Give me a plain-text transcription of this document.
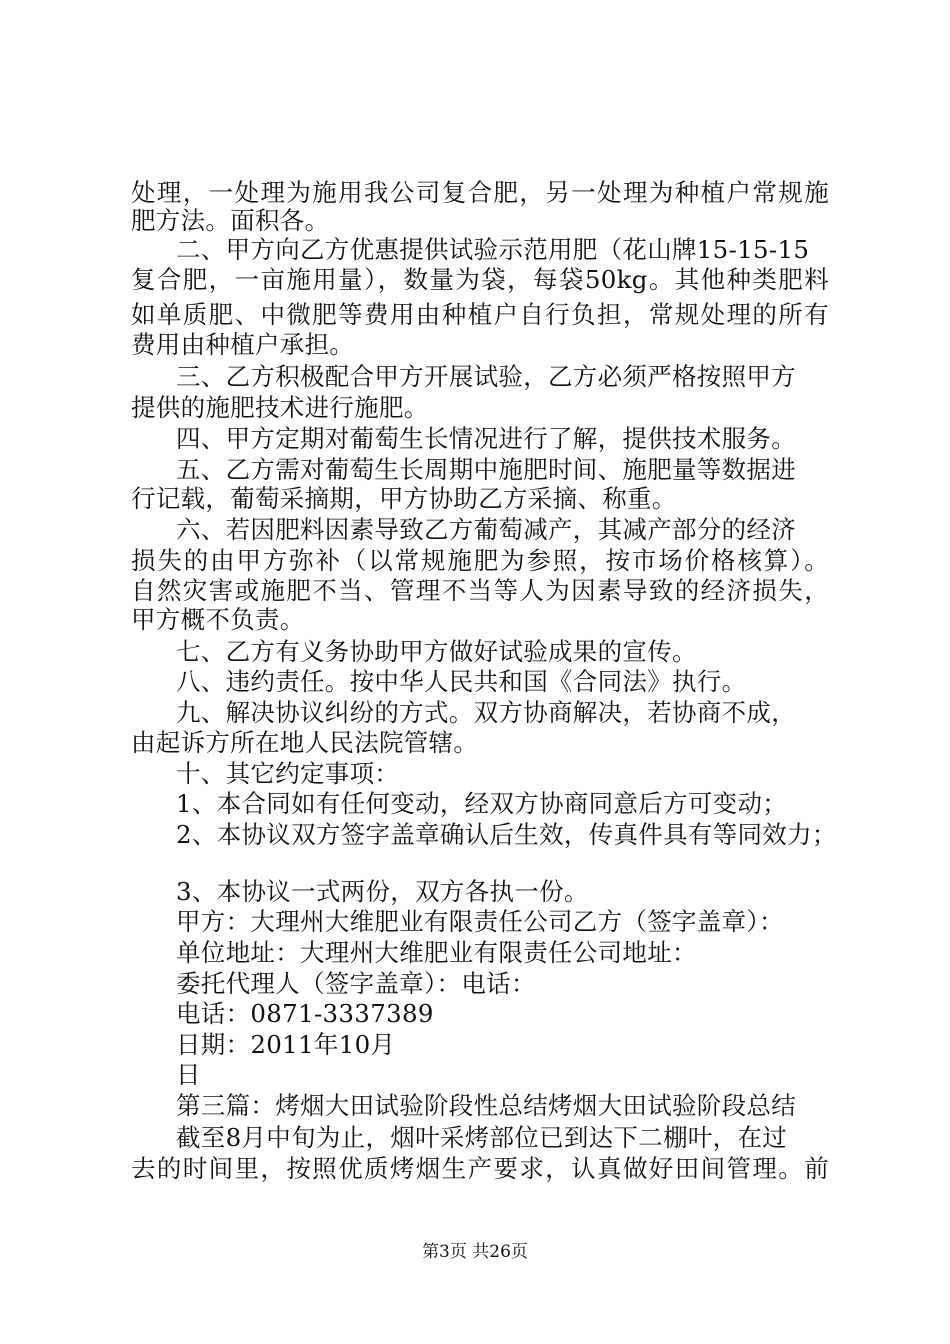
处理，一处理为施用我公司复合肥，另一处理为种植户常规施
肥方法。面积各。
二、甲方向乙方优惠提供试验示范用肥（花山牌15-15-15
复合肥，一亩施用量），数量为袋，每袋50kg。其他种类肥料
如单质肥、中微肥等费用由种植户自行负担，常规处理的所有
费用由种植户承担。
三、乙方积极配合甲方开展试验，乙方必须严格按照甲方
提供的施肥技术进行施肥。
四、甲方定期对葡萄生长情况进行了解，提供技术服务。
五、乙方需对葡萄生长周期中施肥时间、施肥量等数据进
行记载，葡萄采摘期，甲方协助乙方采摘、称重。
六、若因肥料因素导致乙方葡萄减产，其减产部分的经济
损失的由甲方弥补（以常规施肥为参照，按市场价格核算）。
自然灾害或施肥不当、管理不当等人为因素导致的经济损失，
甲方概不负责。
七、乙方有义务协助甲方做好试验成果的宣传。
八、违约责任。按中华人民共和国《合同法》执行。
九、解决协议纠纷的方式。双方协商解决，若协商不成，
由起诉方所在地人民法院管辖。
十、其它约定事项：
1、本合同如有任何变动，经双方协商同意后方可变动；
2、本协议双方签字盖章确认后生效，传真件具有等同效力；
3、本协议一式两份，双方各执一份。
甲方：大理州大维肥业有限责任公司乙方（签字盖章）：
单位地址：大理州大维肥业有限责任公司地址：
委托代理人（签字盖章）：电话：
电话：0871-3337389
日期：2011年10月
日
第三篇：烤烟大田试验阶段性总结烤烟大田试验阶段总结
截至8月中旬为止，烟叶采烤部位已到达下二棚叶，在过
去的时间里，按照优质烤烟生产要求，认真做好田间管理。前
第3页 共26页
